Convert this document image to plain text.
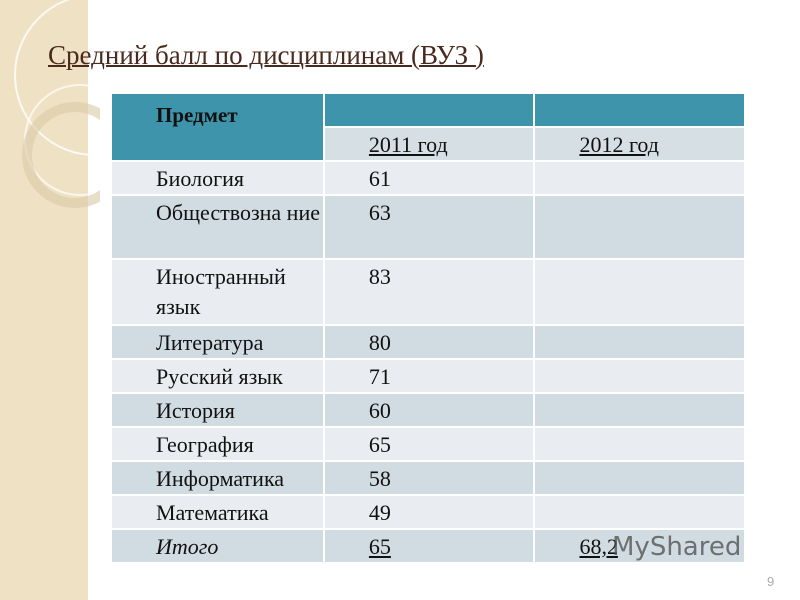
Средний балл по дисциплинам (ВУЗ )
Предмет		
	2011 год	2012 год
Биология	61	
Обществозна ние	63	
Иностранный язык	83	
Литература	80	
Русский язык	71	
История	60	
География	65	
Информатика	58	
Математика	49	
Итого	65	68,2
MyShared
9
